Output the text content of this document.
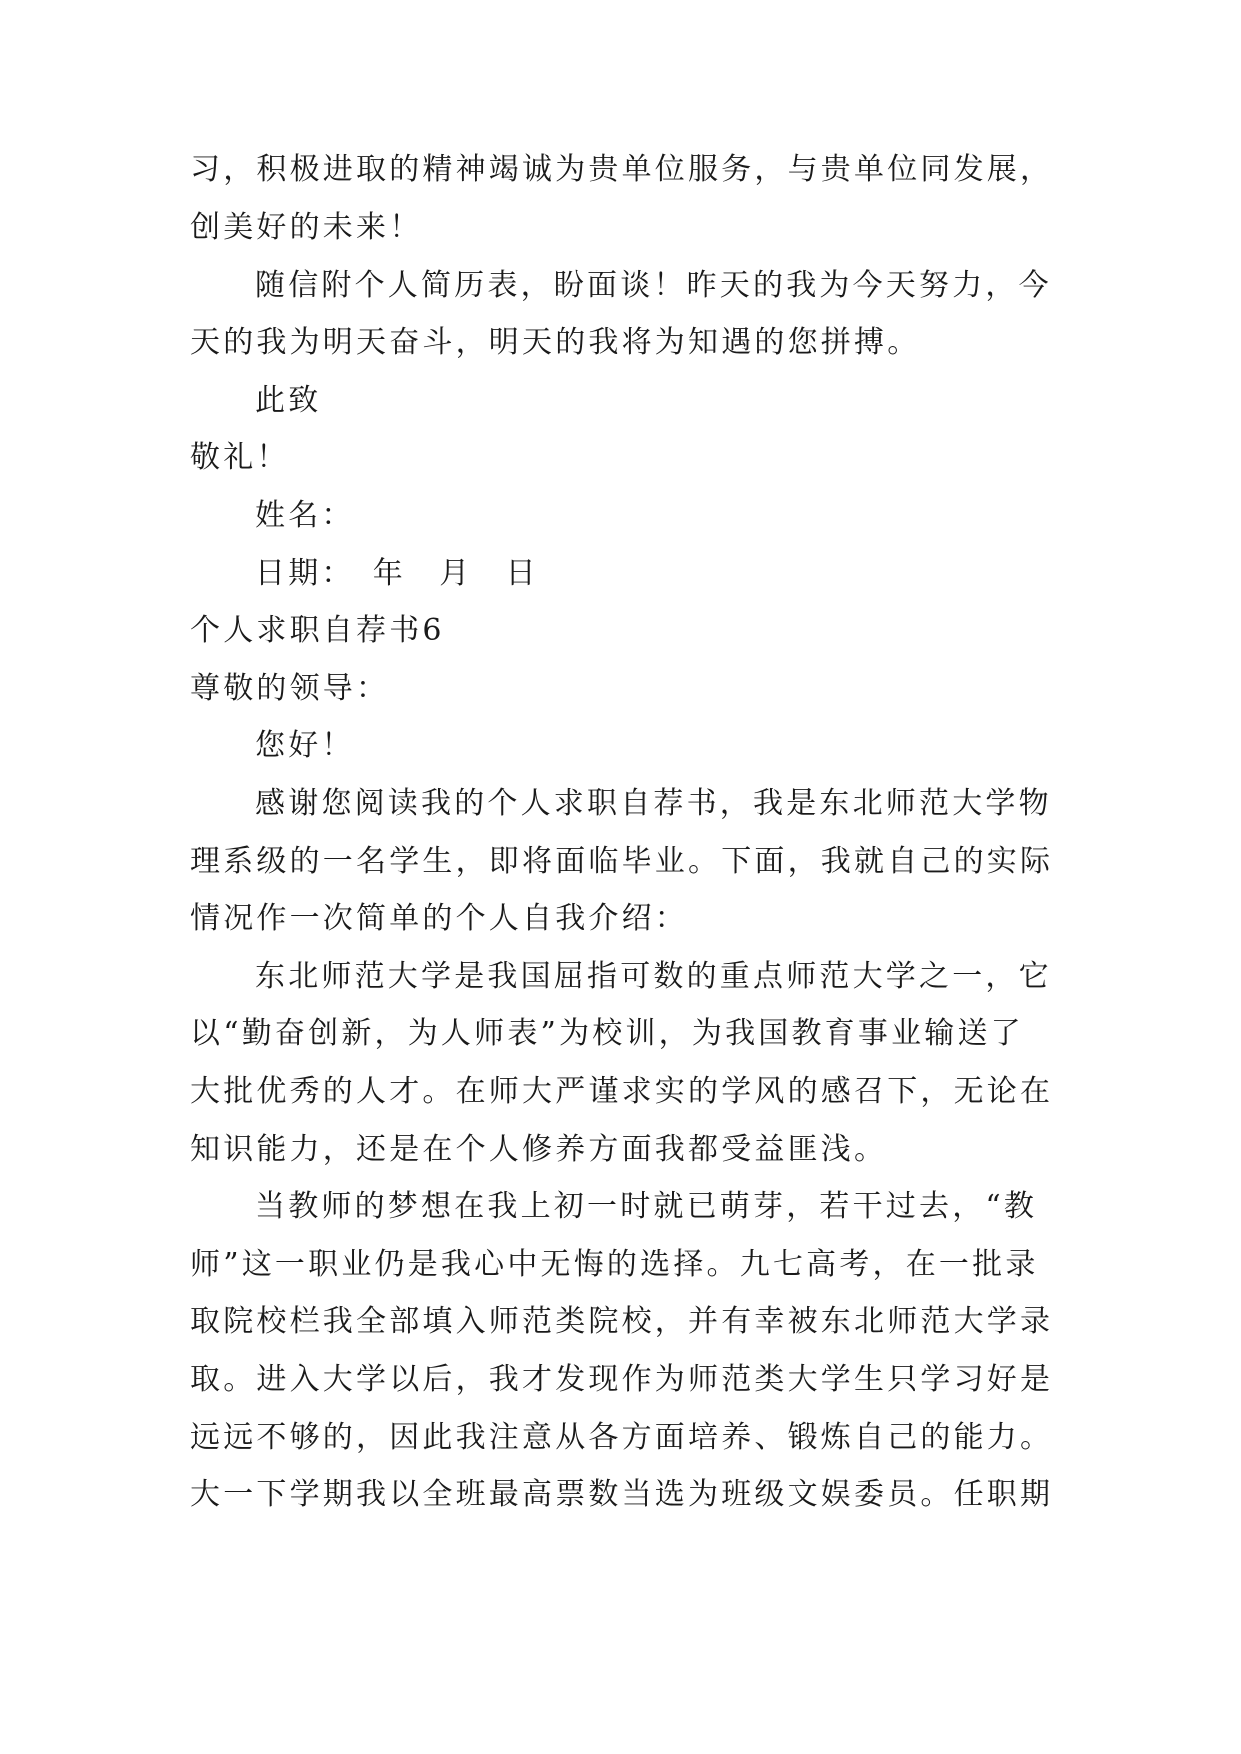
习，积极进取的精神竭诚为贵单位服务，与贵单位同发展，
创美好的未来！
随信附个人简历表，盼面谈！昨天的我为今天努力，今
天的我为明天奋斗，明天的我将为知遇的您拼搏。
此致
敬礼！
姓名：
日期：　年　月　日
个人求职自荐书6
尊敬的领导：
您好！
感谢您阅读我的个人求职自荐书，我是东北师范大学物
理系级的一名学生，即将面临毕业。下面，我就自己的实际
情况作一次简单的个人自我介绍：
东北师范大学是我国屈指可数的重点师范大学之一，它
以“勤奋创新，为人师表”为校训，为我国教育事业输送了
大批优秀的人才。在师大严谨求实的学风的感召下，无论在
知识能力，还是在个人修养方面我都受益匪浅。
当教师的梦想在我上初一时就已萌芽，若干过去，“教
师”这一职业仍是我心中无悔的选择。九七高考，在一批录
取院校栏我全部填入师范类院校，并有幸被东北师范大学录
取。进入大学以后，我才发现作为师范类大学生只学习好是
远远不够的，因此我注意从各方面培养、锻炼自己的能力。
大一下学期我以全班最高票数当选为班级文娱委员。任职期
